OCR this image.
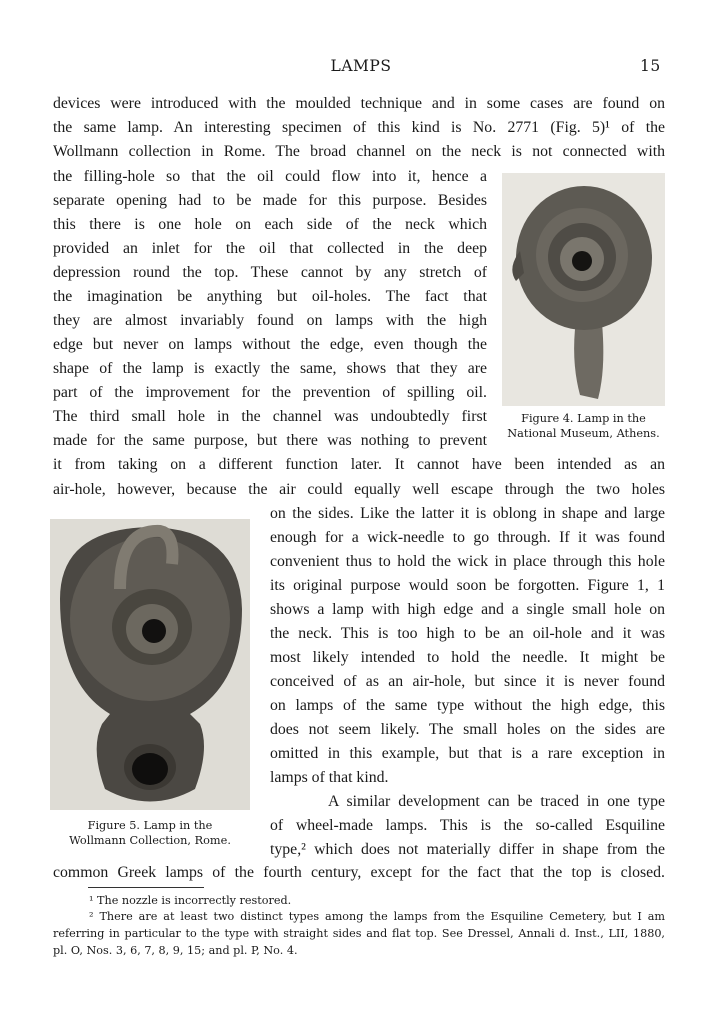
LAMPS	15
devices were introduced with the moulded technique and in some cases are found on
the same lamp. An interesting specimen of this kind is No. 2771 (Fig. 5)¹ of the
Wollmann collection in Rome. The broad channel on the neck is not connected with
the filling-hole so that the oil could flow into it, hence a
separate opening had to be made for this purpose. Besides
this there is one hole on each side of the neck which
provided an inlet for the oil that collected in the deep
depression round the top. These cannot by any stretch of
the imagination be anything but oil-holes. The fact that
they are almost invariably found on lamps with the high
edge but never on lamps without the edge, even though the
shape of the lamp is exactly the same, shows that they are
part of the improvement for the prevention of spilling oil.
The third small hole in the channel was undoubtedly first
made for the same purpose, but there was nothing to prevent
it from taking on a different function later. It cannot have been intended as an
air-hole, however, because the air could equally well escape through the two holes
on the sides. Like the latter it is oblong in shape and large
enough for a wick-needle to go through. If it was found
convenient thus to hold the wick in place through this hole
its original purpose would soon be forgotten. Figure 1, 1
shows a lamp with high edge and a single small hole on
the neck. This is too high to be an oil-hole and it was
most likely intended to hold the needle. It might be
conceived of as an air-hole, but since it is never found
on lamps of the same type without the high edge, this
does not seem likely. The small holes on the sides are
omitted in this example, but that is a rare exception in
lamps of that kind.
A similar development can be traced in one type
of wheel-made lamps. This is the so-called Esquiline
type,² which does not materially differ in shape from the
common Greek lamps of the fourth century, except for the fact that the top is closed.
Figure 4. Lamp in the
National Museum, Athens.
Figure 5. Lamp in the
Wollmann Collection, Rome.
¹ The nozzle is incorrectly restored.
² There are at least two distinct types among the lamps from the Esquiline Cemetery, but I am
referring in particular to the type with straight sides and flat top. See Dressel, Annali d. Inst., LII, 1880,
pl. O, Nos. 3, 6, 7, 8, 9, 15; and pl. P, No. 4.
